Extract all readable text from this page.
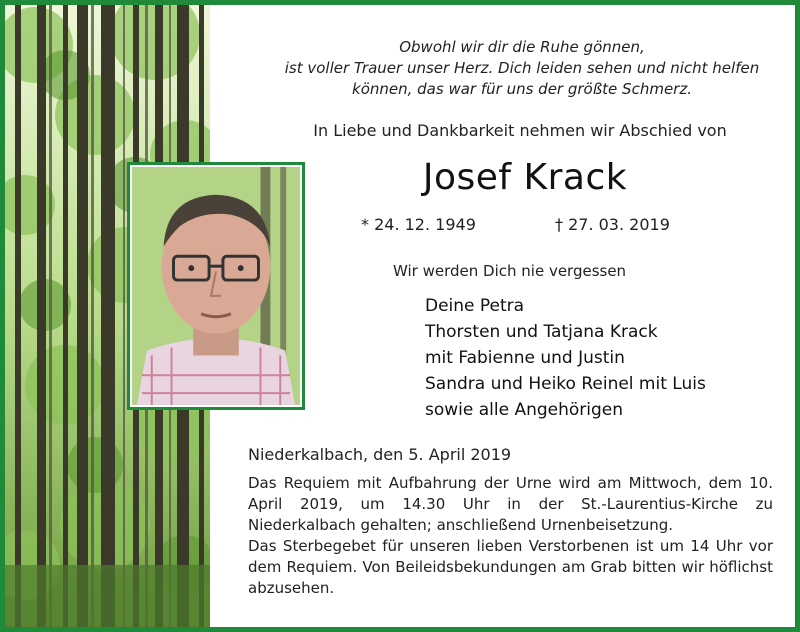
Obwohl wir dir die Ruhe gönnen,
ist voller Trauer unser Herz. Dich leiden sehen und nicht helfen
können, das war für uns der größte Schmerz.
In Liebe und Dankbarkeit nehmen wir Abschied von
Josef Krack
* 24. 12. 1949	† 27. 03. 2019
Wir werden Dich nie vergessen
Deine Petra
Thorsten und Tatjana Krack
mit Fabienne und Justin
Sandra und Heiko Reinel mit Luis
sowie alle Angehörigen
Niederkalbach, den 5. April 2019

Das Requiem mit Aufbahrung der Urne wird am Mittwoch, dem 10. April 2019, um 14.30 Uhr in der St.-Laurentius-Kirche zu Niederkalbach gehalten; anschließend Urnenbeisetzung.

Das Sterbegebet für unseren lieben Verstorbenen ist um 14 Uhr vor dem Requiem. Von Beileidsbekundungen am Grab bitten wir höflichst abzusehen.
